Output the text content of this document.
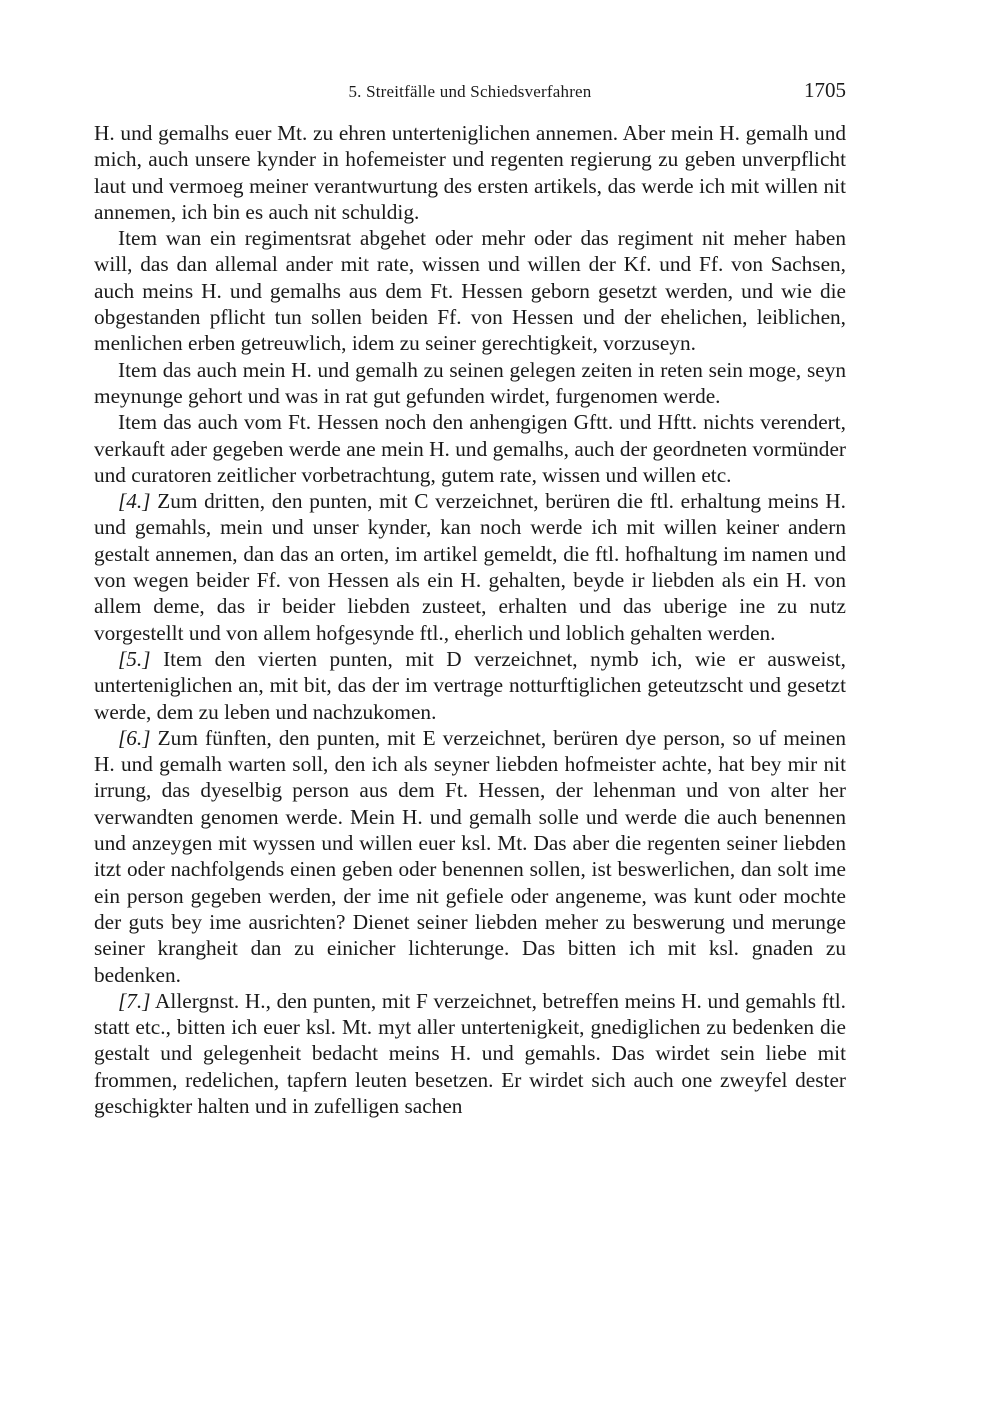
5. Streitfälle und Schiedsverfahren	1705

H. und gemalhs euer Mt. zu ehren unterteniglichen annemen. Aber mein H. gemalh und mich, auch unsere kynder in hofemeister und regenten regierung zu geben unverpflicht laut und vermoeg meiner verantwurtung des ersten artikels, das werde ich mit willen nit annemen, ich bin es auch nit schuldig.

Item wan ein regimentsrat abgehet oder mehr oder das regiment nit meher haben will, das dan allemal ander mit rate, wissen und willen der Kf. und Ff. von Sachsen, auch meins H. und gemalhs aus dem Ft. Hessen geborn gesetzt werden, und wie die obgestanden pflicht tun sollen beiden Ff. von Hessen und der ehelichen, leiblichen, menlichen erben getreuwlich, idem zu seiner gerechtigkeit, vorzuseyn.

Item das auch mein H. und gemalh zu seinen gelegen zeiten in reten sein moge, seyn meynunge gehort und was in rat gut gefunden wirdet, furgenomen werde.

Item das auch vom Ft. Hessen noch den anhengigen Gftt. und Hftt. nichts verendert, verkauft ader gegeben werde ane mein H. und gemalhs, auch der geordneten vormünder und curatoren zeitlicher vorbetrachtung, gutem rate, wissen und willen etc.

[4.] Zum dritten, den punten, mit C verzeichnet, berüren die ftl. erhaltung meins H. und gemahls, mein und unser kynder, kan noch werde ich mit willen keiner andern gestalt annemen, dan das an orten, im artikel gemeldt, die ftl. hofhaltung im namen und von wegen beider Ff. von Hessen als ein H. gehalten, beyde ir liebden als ein H. von allem deme, das ir beider liebden zusteet, erhalten und das uberige ine zu nutz vorgestellt und von allem hofgesynde ftl., eherlich und loblich gehalten werden.

[5.] Item den vierten punten, mit D verzeichnet, nymb ich, wie er ausweist, unterteniglichen an, mit bit, das der im vertrage notturftiglichen geteutzscht und gesetzt werde, dem zu leben und nachzukomen.

[6.] Zum fünften, den punten, mit E verzeichnet, berüren dye person, so uf meinen H. und gemalh warten soll, den ich als seyner liebden hofmeister achte, hat bey mir nit irrung, das dyeselbig person aus dem Ft. Hessen, der lehenman und von alter her verwandten genomen werde. Mein H. und gemalh solle und werde die auch benennen und anzeygen mit wyssen und willen euer ksl. Mt. Das aber die regenten seiner liebden itzt oder nachfolgends einen geben oder benennen sollen, ist beswerlichen, dan solt ime ein person gegeben werden, der ime nit gefiele oder angeneme, was kunt oder mochte der guts bey ime ausrichten? Dienet seiner liebden meher zu beswerung und merunge seiner krangheit dan zu einicher lichterunge. Das bitten ich mit ksl. gnaden zu bedenken.

[7.] Allergnst. H., den punten, mit F verzeichnet, betreffen meins H. und gemahls ftl. statt etc., bitten ich euer ksl. Mt. myt aller untertenigkeit, gnediglichen zu bedenken die gestalt und gelegenheit bedacht meins H. und gemahls. Das wirdet sein liebe mit frommen, redelichen, tapfern leuten besetzen. Er wirdet sich auch one zweyfel dester geschigkter halten und in zufelligen sachen
